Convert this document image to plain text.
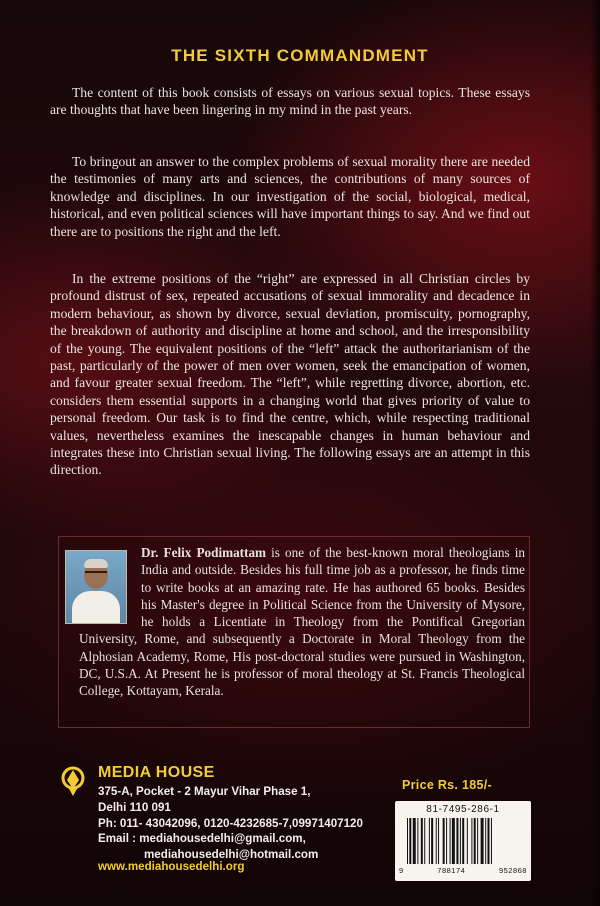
THE SIXTH COMMANDMENT

The content of this book consists of essays on various sexual topics. These essays are thoughts that have been lingering in my mind in the past years.

To bringout an answer to the complex problems of sexual morality there are needed the testimonies of many arts and sciences, the contributions of many sources of knowledge and disciplines. In our investigation of the social, biological, medical, historical, and even political sciences will have important things to say. And we find out there are to positions the right and the left.

In the extreme positions of the “right” are expressed in all Christian circles by profound distrust of sex, repeated accusations of sexual immorality and decadence in modern behaviour, as shown by divorce, sexual deviation, promiscuity, pornography, the breakdown of authority and discipline at home and school, and the irresponsibility of the young. The equivalent positions of the “left” attack the authoritarianism of the past, particularly of the power of men over women, seek the emancipation of women, and favour greater sexual freedom. The “left”, while regretting divorce, abortion, etc. considers them essential supports in a changing world that gives priority of value to personal freedom. Our task is to find the centre, which, while respecting traditional values, nevertheless examines the inescapable changes in human behaviour and integrates these into Christian sexual living. The following essays are an attempt in this direction.

Dr. Felix Podimattam is one of the best-known moral theologians in India and outside. Besides his full time job as a professor, he finds time to write books at an amazing rate. He has authored 65 books. Besides his Master's degree in Political Science from the University of Mysore, he holds a Licentiate in Theology from the Pontifical Gregorian University, Rome, and subsequently a Doctorate in Moral Theology from the Alphosian Academy, Rome, His post-doctoral studies were pursued in Washington, DC, U.S.A. At Present he is professor of moral theology at St. Francis Theological College, Kottayam, Kerala.

MEDIA HOUSE
375-A, Pocket - 2 Mayur Vihar Phase 1,
Delhi 110 091
Ph: 011- 43042096, 0120-4232685-7,09971407120
Email : mediahousedelhi@gmail.com,
mediahousedelhi@hotmail.com
www.mediahousedelhi.org
Price Rs. 185/-
81-7495-286-1
9	788174	952868
